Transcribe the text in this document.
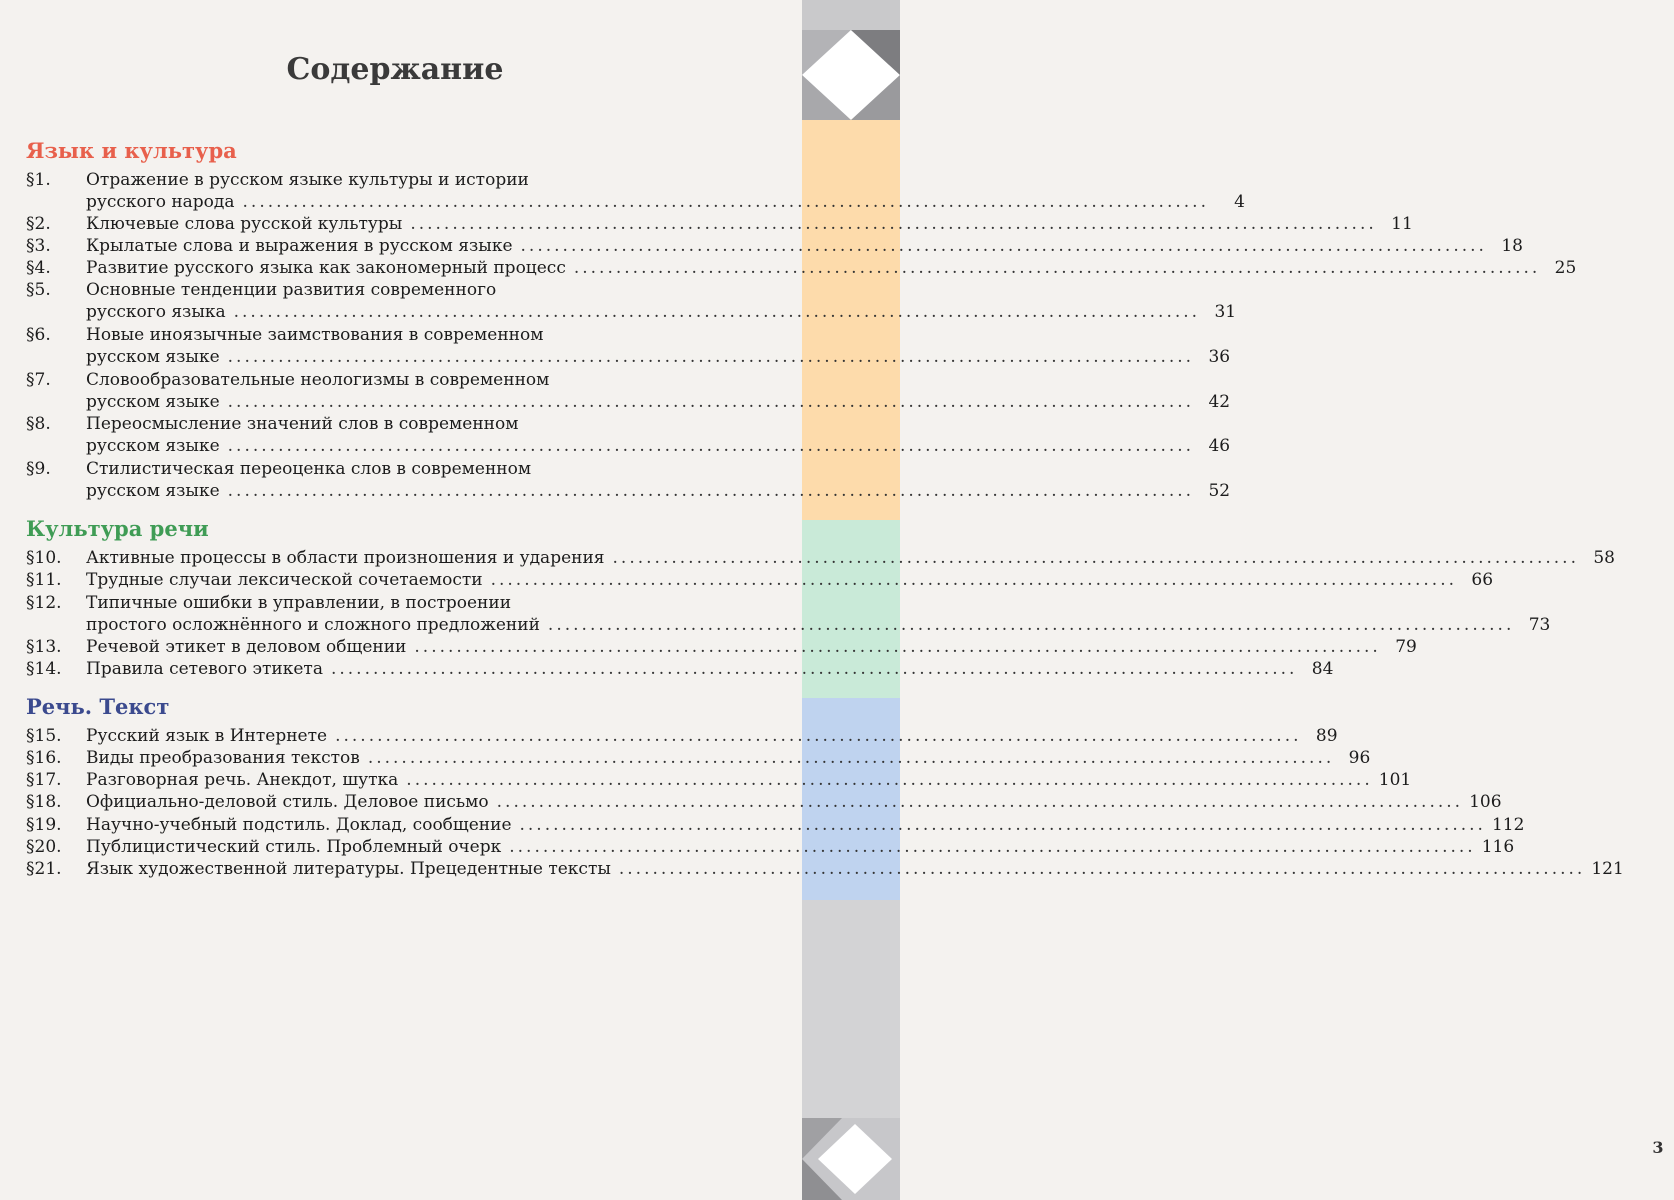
3
Содержание
Язык и культура
§1. Отражение в русском языке культуры и истории
русского народа ...................................................................................................................	4
§2. Ключевые слова русской культуры ................................................................................................................... 11
§3. Крылатые слова и выражения в русском языке ................................................................................................................... 18
§4. Развитие русского языка как закономерный процесс ................................................................................................................... 25
§5. Основные тенденции развития современного
русского языка ................................................................................................................... 31
§6. Новые иноязычные заимствования в современном
русском языке ................................................................................................................... 36
§7. Словообразовательные неологизмы в современном
русском языке ................................................................................................................... 42
§8. Переосмысление значений слов в современном
русском языке ................................................................................................................... 46
§9. Стилистическая переоценка слов в современном
русском языке ................................................................................................................... 52
Культура речи
§10. Активные процессы в области произношения и ударения ................................................................................................................... 58
§11. Трудные случаи лексической сочетаемости ................................................................................................................... 66
§12. Типичные ошибки в управлении, в построении
простого осложнённого и сложного предложений ................................................................................................................... 73
§13. Речевой этикет в деловом общении ................................................................................................................... 79
§14. Правила сетевого этикета ................................................................................................................... 84
Речь. Текст
§15. Русский язык в Интернете ................................................................................................................... 89
§16. Виды преобразования текстов ................................................................................................................... 96
§17. Разговорная речь. Анекдот, шутка ................................................................................................................... 101
§18. Официально-деловой стиль. Деловое письмо ................................................................................................................... 106
§19. Научно-учебный подстиль. Доклад, сообщение ................................................................................................................... 112
§20. Публицистический стиль. Проблемный очерк ................................................................................................................... 116
§21. Язык художественной литературы. Прецедентные тексты ................................................................................................................... 121
